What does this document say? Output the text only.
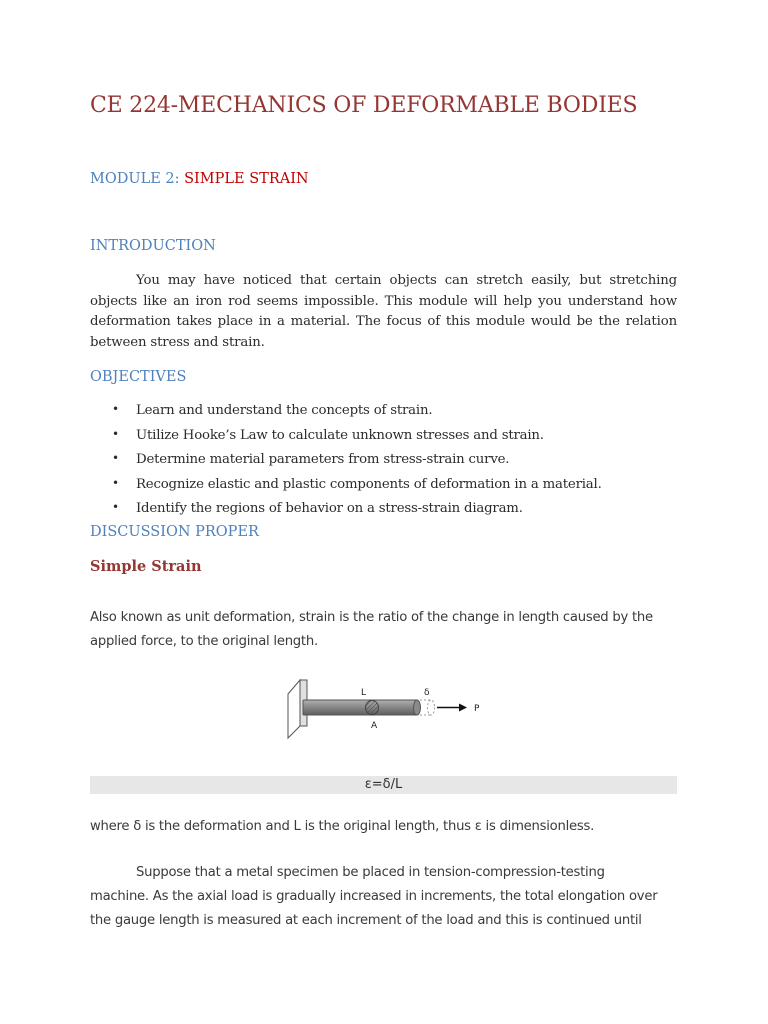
CE 224-MECHANICS OF DEFORMABLE BODIES
MODULE 2: SIMPLE STRAIN
INTRODUCTION
You may have noticed that certain objects can stretch easily, but stretching objects like an iron rod seems impossible. This module will help you understand how deformation takes place in a material. The focus of this module would be the relation between stress and strain.
OBJECTIVES
• Learn and understand the concepts of strain.
• Utilize Hooke’s Law to calculate unknown stresses and strain.
• Determine material parameters from stress-strain curve.
• Recognize elastic and plastic components of deformation in a material.
• Identify the regions of behavior on a stress-strain diagram.
DISCUSSION PROPER
Simple Strain
Also known as unit deformation, strain is the ratio of the change in length caused by the
applied force, to the original length.
L	δ
A
P
ε=δ/L
where δ is the deformation and L is the original length, thus ε is dimensionless.
Suppose that a metal specimen be placed in tension-compression-testing
machine. As the axial load is gradually increased in increments, the total elongation over
the gauge length is measured at each increment of the load and this is continued until
